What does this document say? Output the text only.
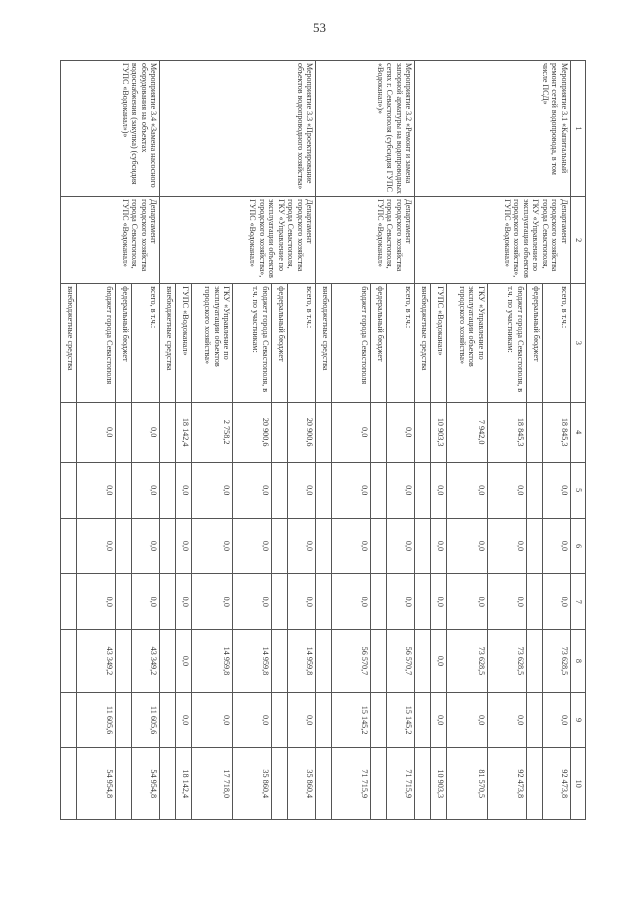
53
1	2	3	4	5	6	7	8	9	10
Мероприятие 3.1 «Капитальный ремонт сетей водопровода, в том числе ПСД»	Департамент городского хозяйства города Севастополя, ГКУ «Управление по эксплуатации объектов городского хозяйства», ГУПС «Водоканал»	всего, в т.ч.:	18 845,3	0,0	0,0	0,0	73 628,5	0,0	92 473,8
		федеральный бюджет							
		бюджет города Севастополя, в т.ч. по участникам:	18 845,3	0,0	0,0	0,0	73 628,5	0,0	92 473,8
		ГКУ «Управление по эксплуатации объектов городского хозяйства»	7 942,0	0,0	0,0	0,0	73 628,5	0,0	81 570,5
		ГУПС «Водоканал»	10 903,3	0,0	0,0	0,0	0,0	0,0	10 903,3
		внебюджетные средства							
Мероприятие 3.2 «Ремонт и замена запорной арматуры на водопроводных сетях г. Севастополя (субсидия ГУПС «Водоканал»)»	Департамент городского хозяйства города Севастополя, ГУПС «Водоканал»	всего, в т.ч.:	0,0	0,0	0,0	0,0	56 570,7	15 145,2	71 715,9
		федеральный бюджет							
		бюджет города Севастополя	0,0	0,0	0,0	0,0	56 570,7	15 145,2	71 715,9
		внебюджетные средства							
Мероприятие 3.3 «Проектирование объектов водопроводного хозяйства»	Департамент городского хозяйства города Севастополя, ГКУ «Управление по эксплуатации объектов городского хозяйства», ГУПС «Водоканал»	всего, в т.ч.:	20 900,6	0,0	0,0	0,0	14 959,8	0,0	35 860,4
		федеральный бюджет							
		бюджет города Севастополя, в т.ч. по участникам:	20 900,6	0,0	0,0	0,0	14 959,8	0,0	35 860,4
		ГКУ «Управление по эксплуатации объектов городского хозяйства»	2 758,2	0,0	0,0	0,0	14 959,8	0,0	17 718,0
		ГУПС «Водоканал»	18 142,4	0,0	0,0	0,0	0,0	0,0	18 142,4
		внебюджетные средства							
Мероприятие 3.4 «Замена насосного оборудования на объектах водоснабжения (закупка) (субсидия ГУПС «Водоканал»)»	Департамент городского хозяйства города Севастополя, ГУПС «Водоканал»	всего, в т.ч.:	0,0	0,0	0,0	0,0	43 349,2	11 605,6	54 954,8
		федеральный бюджет							
		бюджет города Севастополя	0,0	0,0	0,0	0,0	43 349,2	11 605,6	54 954,8
		внебюджетные средства							
